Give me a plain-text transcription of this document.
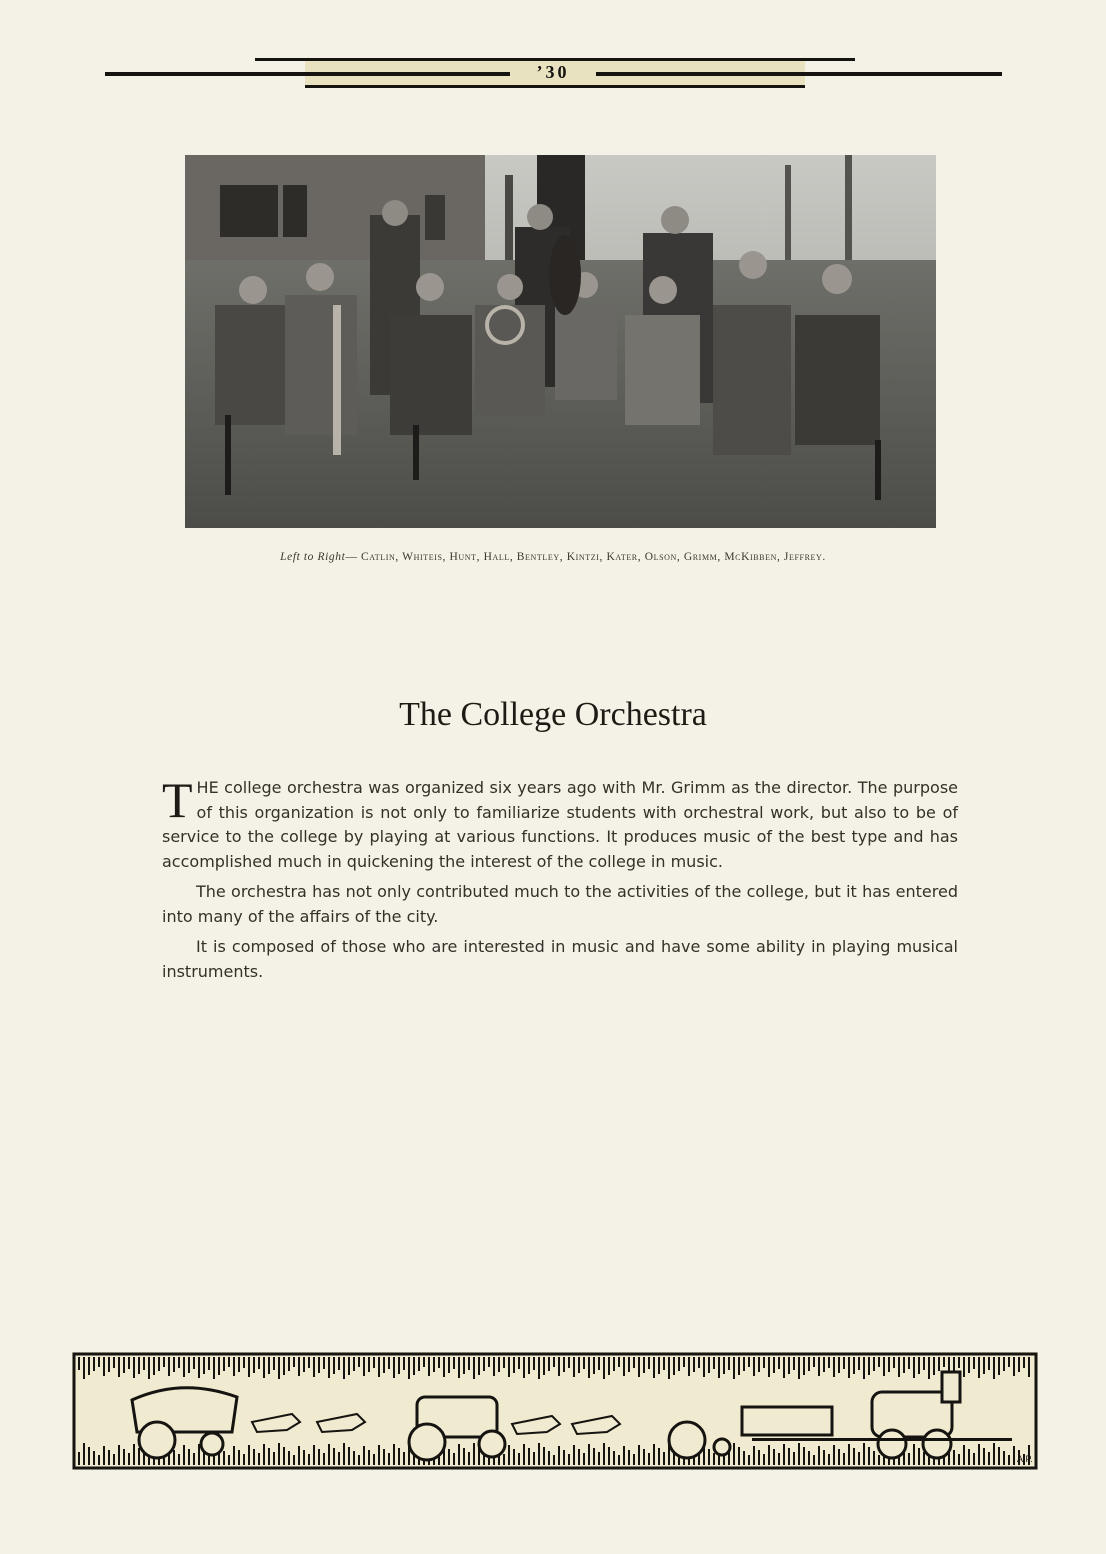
’30
Left to Right— Catlin, Whiteis, Hunt, Hall, Bentley, Kintzi, Kater, Olson, Grimm, McKibben, Jeffrey.
The College Orchestra

THE college orchestra was organized six years ago with Mr. Grimm as the director. The purpose of this organization is not only to familiarize students with orchestral work, but also to be of service to the college by playing at various functions. It produces music of the best type and has accomplished much in quickening the interest of the college in music.

The orchestra has not only contributed much to the activities of the college, but it has entered into many of the affairs of the city.

It is composed of those who are interested in music and have some ability in playing musical instruments.

A.P.
